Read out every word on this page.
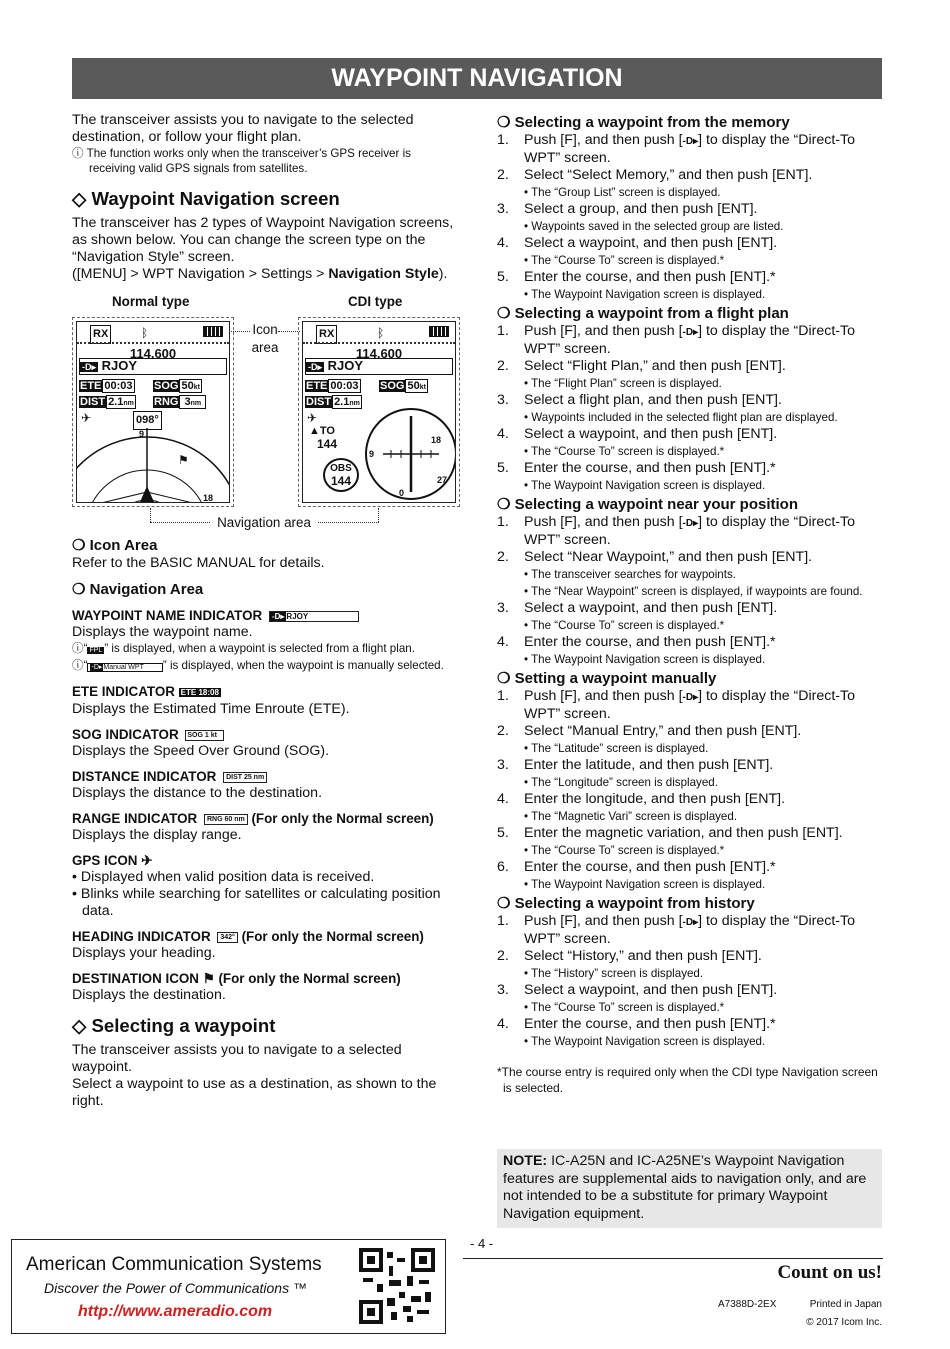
WAYPOINT NAVIGATION

The transceiver assists you to navigate to the selected

destination, or follow your flight plan.

ⓘ The function works only when the transceiver’s GPS receiver is receiving valid GPS signals from satellites.

◇ Waypoint Navigation screen

The transceiver has 2 types of Waypoint Navigation screens, as shown below. You can change the screen type on the “Navigation Style” screen.

([MENU] > WPT Navigation > Settings > Navigation Style).

Normal type	CDI type
Icon area
RX	ᛒ
114.600
-D▸ RJOY
ETE 00:03 SOG 50kt
DIST 2.1nm RNG 3nm
✈	098°
9
⚑
18
RX	ᛒ
114.600
-D▸ RJOY
ETE 00:03 SOG 50kt
DIST 2.1nm
✈
▲TO
144
9
18
27
0
OBS
144
Navigation area
❍ Icon Area

Refer to the BASIC MANUAL for details.

❍ Navigation Area
WAYPOINT NAME INDICATOR -D▸ RJOY

Displays the waypoint name.

ⓘ“ FPL ” is displayed, when a waypoint is selected from a flight plan.

ⓘ“ -D▸Manual WPT ” is displayed, when the waypoint is manually selected.

ETE INDICATOR ETE 18:08

Displays the Estimated Time Enroute (ETE).

SOG INDICATOR SOG 1 kt

Displays the Speed Over Ground (SOG).

DISTANCE INDICATOR DIST 25 nm

Displays the distance to the destination.

RANGE INDICATOR RNG 60 nm (For only the Normal screen)

Displays the display range.

GPS ICON ✈

• Displayed when valid position data is received.

• Blinks while searching for satellites or calculating position data.

HEADING INDICATOR 342° (For only the Normal screen)

Displays your heading.

DESTINATION ICON ⚑ (For only the Normal screen)

Displays the destination.

◇ Selecting a waypoint

The transceiver assists you to navigate to a selected waypoint.

Select a waypoint to use as a destination, as shown to the right.

❍ Selecting a waypoint from the memory
1.	Push [F], and then push [-D▸] to display the “Direct-To WPT” screen.
2.	Select “Select Memory,” and then push [ENT].
• The “Group List” screen is displayed.
3.	Select a group, and then push [ENT].
• Waypoints saved in the selected group are listed.
4.	Select a waypoint, and then push [ENT].
• The “Course To” screen is displayed.*
5.	Enter the course, and then push [ENT].*
• The Waypoint Navigation screen is displayed.
❍ Selecting a waypoint from a flight plan
1.	Push [F], and then push [-D▸] to display the “Direct-To WPT” screen.
2.	Select “Flight Plan,” and then push [ENT].
• The “Flight Plan” screen is displayed.
3.	Select a flight plan, and then push [ENT].
• Waypoints included in the selected flight plan are displayed.
4.	Select a waypoint, and then push [ENT].
• The “Course To” screen is displayed.*
5.	Enter the course, and then push [ENT].*
• The Waypoint Navigation screen is displayed.
❍ Selecting a waypoint near your position
1.	Push [F], and then push [-D▸] to display the “Direct-To WPT” screen.
2.	Select “Near Waypoint,” and then push [ENT].
• The transceiver searches for waypoints.
• The “Near Waypoint” screen is displayed, if waypoints are found.
3.	Select a waypoint, and then push [ENT].
• The “Course To” screen is displayed.*
4.	Enter the course, and then push [ENT].*
• The Waypoint Navigation screen is displayed.
❍ Setting a waypoint manually
1.	Push [F], and then push [-D▸] to display the “Direct-To WPT” screen.
2.	Select “Manual Entry,” and then push [ENT].
• The “Latitude” screen is displayed.
3.	Enter the latitude, and then push [ENT].
• The “Longitude” screen is displayed.
4.	Enter the longitude, and then push [ENT].
• The “Magnetic Vari” screen is displayed.
5.	Enter the magnetic variation, and then push [ENT].
• The “Course To” screen is displayed.*
6.	Enter the course, and then push [ENT].*
• The Waypoint Navigation screen is displayed.
❍ Selecting a waypoint from history
1.	Push [F], and then push [-D▸] to display the “Direct-To WPT” screen.
2.	Select “History,” and then push [ENT].
• The “History” screen is displayed.
3.	Select a waypoint, and then push [ENT].
• The “Course To” screen is displayed.*
4.	Enter the course, and then push [ENT].*
• The Waypoint Navigation screen is displayed.

*The course entry is required only when the CDI type Navigation screen is selected.

NOTE: IC-A25N and IC-A25NE’s Waypoint Navigation features are supplemental aids to navigation only, and are not intended to be a substitute for primary Waypoint Navigation equipment.
- 4 -
American Communication Systems
Discover the Power of Communications ™
http://www.ameradio.com
Count on us!
A7388D-2EX	Printed in Japan
© 2017 Icom Inc.
